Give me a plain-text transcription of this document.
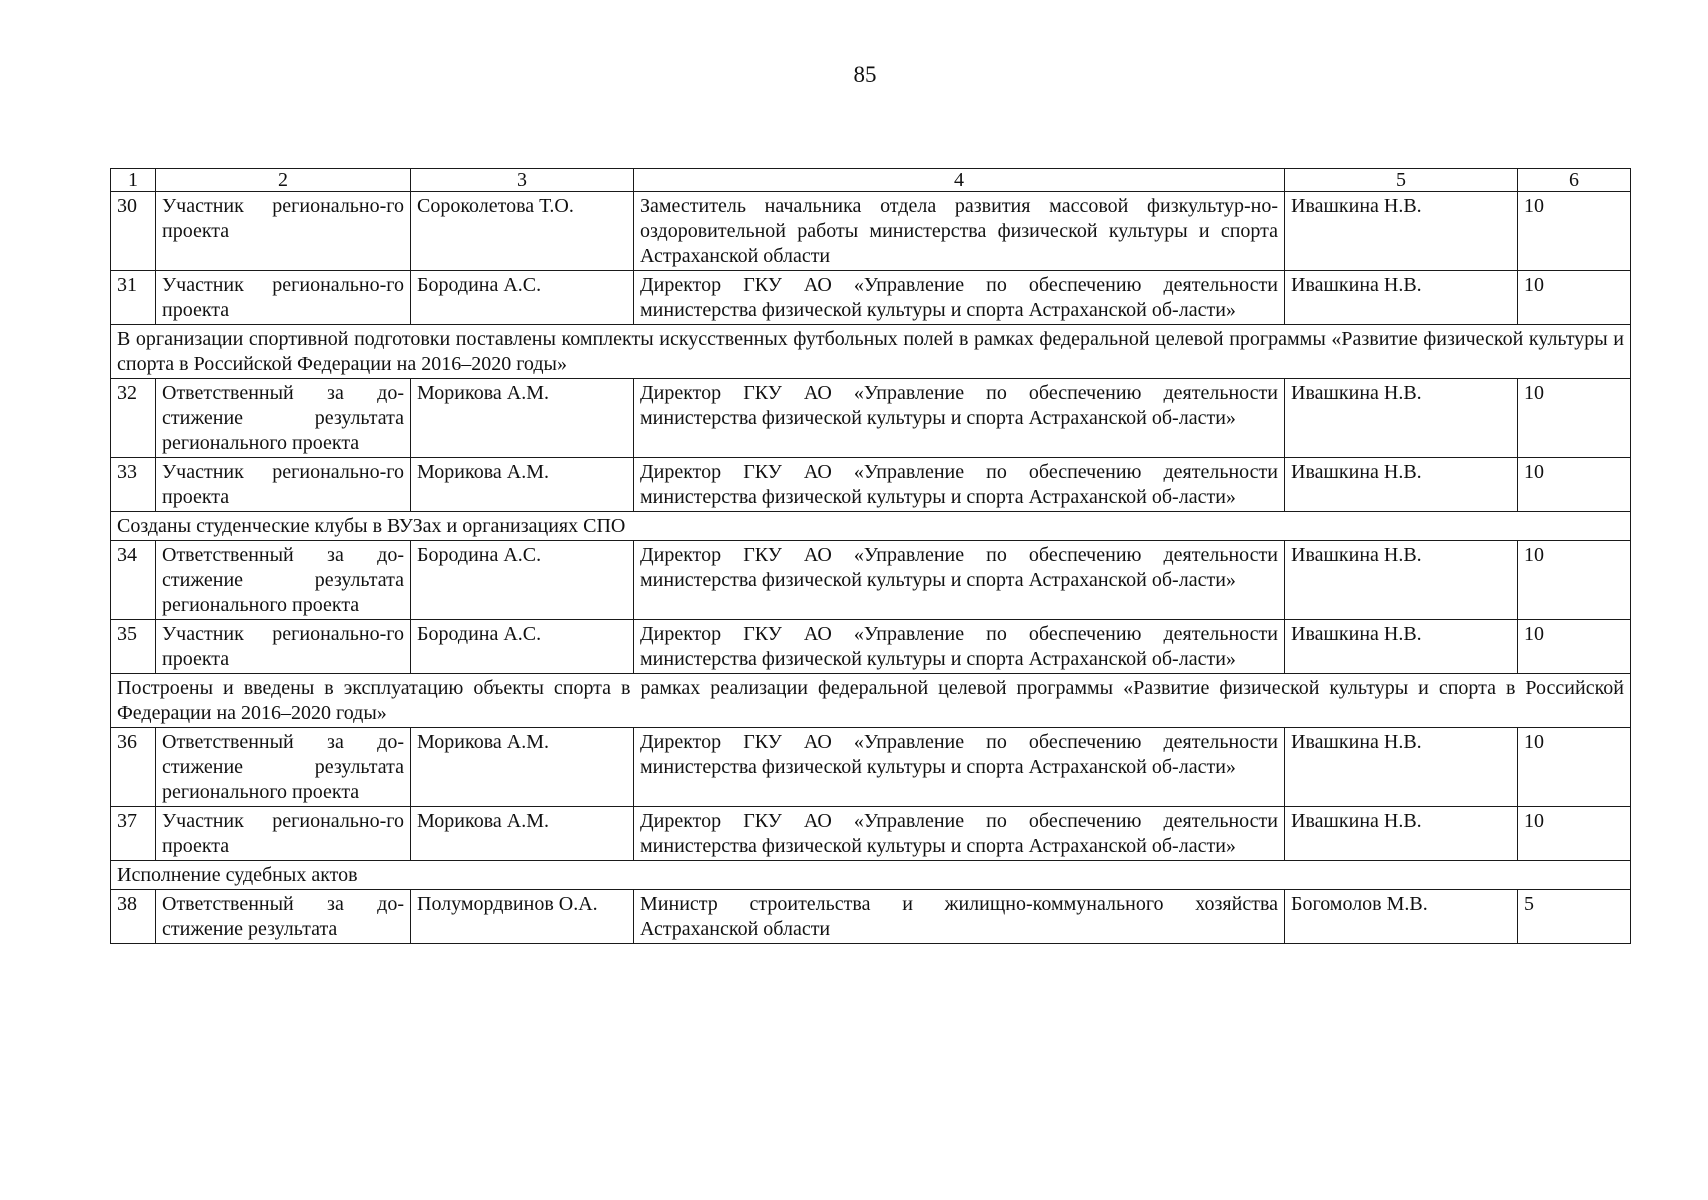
85
1	2	3	4	5	6
30	Участник регионально-го проекта	Сороколетова Т.О.	Заместитель начальника отдела развития массовой физкультур-но-оздоровительной работы министерства физической культуры и спорта Астраханской области	Ивашкина Н.В.	10
31	Участник регионально-го проекта	Бородина А.С.	Директор ГКУ АО «Управление по обеспечению деятельности министерства физической культуры и спорта Астраханской об-ласти»	Ивашкина Н.В.	10
В организации спортивной подготовки поставлены комплекты искусственных футбольных полей в рамках федеральной целевой программы «Развитие физической культуры и спорта в Российской Федерации на 2016–2020 годы»					
32	Ответственный за до-стижение результата регионального проекта	Морикова А.М.	Директор ГКУ АО «Управление по обеспечению деятельности министерства физической культуры и спорта Астраханской об-ласти»	Ивашкина Н.В.	10
33	Участник регионально-го проекта	Морикова А.М.	Директор ГКУ АО «Управление по обеспечению деятельности министерства физической культуры и спорта Астраханской об-ласти»	Ивашкина Н.В.	10
Созданы студенческие клубы в ВУЗах и организациях СПО					
34	Ответственный за до-стижение результата регионального проекта	Бородина А.С.	Директор ГКУ АО «Управление по обеспечению деятельности министерства физической культуры и спорта Астраханской об-ласти»	Ивашкина Н.В.	10
35	Участник регионально-го проекта	Бородина А.С.	Директор ГКУ АО «Управление по обеспечению деятельности министерства физической культуры и спорта Астраханской об-ласти»	Ивашкина Н.В.	10
Построены и введены в эксплуатацию объекты спорта в рамках реализации федеральной целевой программы «Развитие физической культуры и спорта в Российской Федерации на 2016–2020 годы»					
36	Ответственный за до-стижение результата регионального проекта	Морикова А.М.	Директор ГКУ АО «Управление по обеспечению деятельности министерства физической культуры и спорта Астраханской об-ласти»	Ивашкина Н.В.	10
37	Участник регионально-го проекта	Морикова А.М.	Директор ГКУ АО «Управление по обеспечению деятельности министерства физической культуры и спорта Астраханской об-ласти»	Ивашкина Н.В.	10
Исполнение судебных актов					
38	Ответственный за до-стижение результата	Полумордвинов О.А.	Министр строительства и жилищно-коммунального хозяйства Астраханской области	Богомолов М.В.	5
